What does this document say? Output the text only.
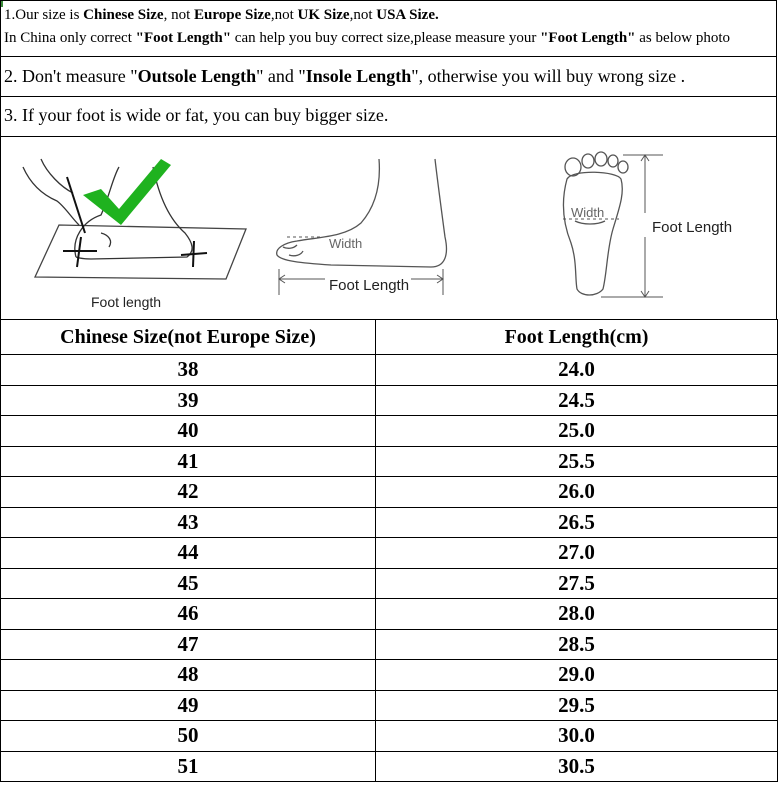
1.Our size is Chinese Size, not Europe Size,not UK Size,not USA Size.
In China only correct "Foot Length" can help you buy correct size,please measure your "Foot Length" as below photo
2. Don't measure "Outsole Length" and "Insole Length", otherwise you will buy wrong size .
3. If your foot is wide or fat, you can buy bigger size.
Foot length
Width
Foot Length
Width
Foot Length
Chinese Size(not Europe Size)	Foot Length(cm)
38	24.0
39	24.5
40	25.0
41	25.5
42	26.0
43	26.5
44	27.0
45	27.5
46	28.0
47	28.5
48	29.0
49	29.5
50	30.0
51	30.5
